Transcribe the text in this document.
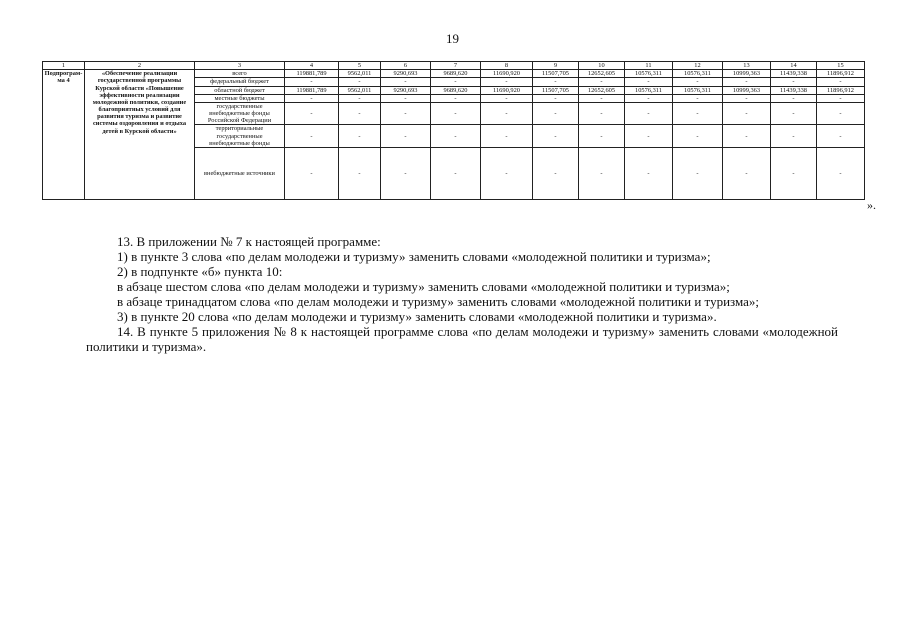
19
1	2	3	4	5	6	7	8	9	10	11	12	13	14	15
Подпрограм-ма 4	«Обеспечение реализации государственной программы Курской области «Повышение эффективности реализации молодежной политики, создание благоприятных условий для развития туризма и развитие системы оздоровления и отдыха детей в Курской области»	всего	119881,789	9562,011	9290,693	9689,620	11690,920	11507,705	12652,605	10576,311	10576,311	10999,363	11439,338	11896,912
		федеральный бюджет	-	-	-	-	-	-	-	-	-	-	-	-
		областной бюджет	119881,789	9562,011	9290,693	9689,620	11690,920	11507,705	12652,605	10576,311	10576,311	10999,363	11439,338	11896,912
		местные бюджеты	-	-	-	-	-	-	-	-	-	-	-	-
		государственные внебюджетные фонды Российской Федерации	-	-	-	-	-	-	-	-	-	-	-	-
		территориальные государственные внебюджетные фонды	-	-	-	-	-	-	-	-	-	-	-	-
		внебюджетные источники	-	-	-	-	-	-	-	-	-	-	-	-
».

13. В приложении № 7 к настоящей программе:

1) в пункте 3 слова «по делам молодежи и туризму» заменить словами «молодежной политики и туризма»;

2) в подпункте «б» пункта 10:

в абзаце шестом слова «по делам молодежи и туризму» заменить словами «молодежной политики и туризма»;

в абзаце тринадцатом слова «по делам молодежи и туризму» заменить словами «молодежной политики и туризма»;

3) в пункте 20 слова «по делам молодежи и туризму» заменить словами «молодежной политики и туризма».

14. В пункте 5 приложения № 8 к настоящей программе слова «по делам молодежи и туризму» заменить словами «молодежной политики и туризма».
